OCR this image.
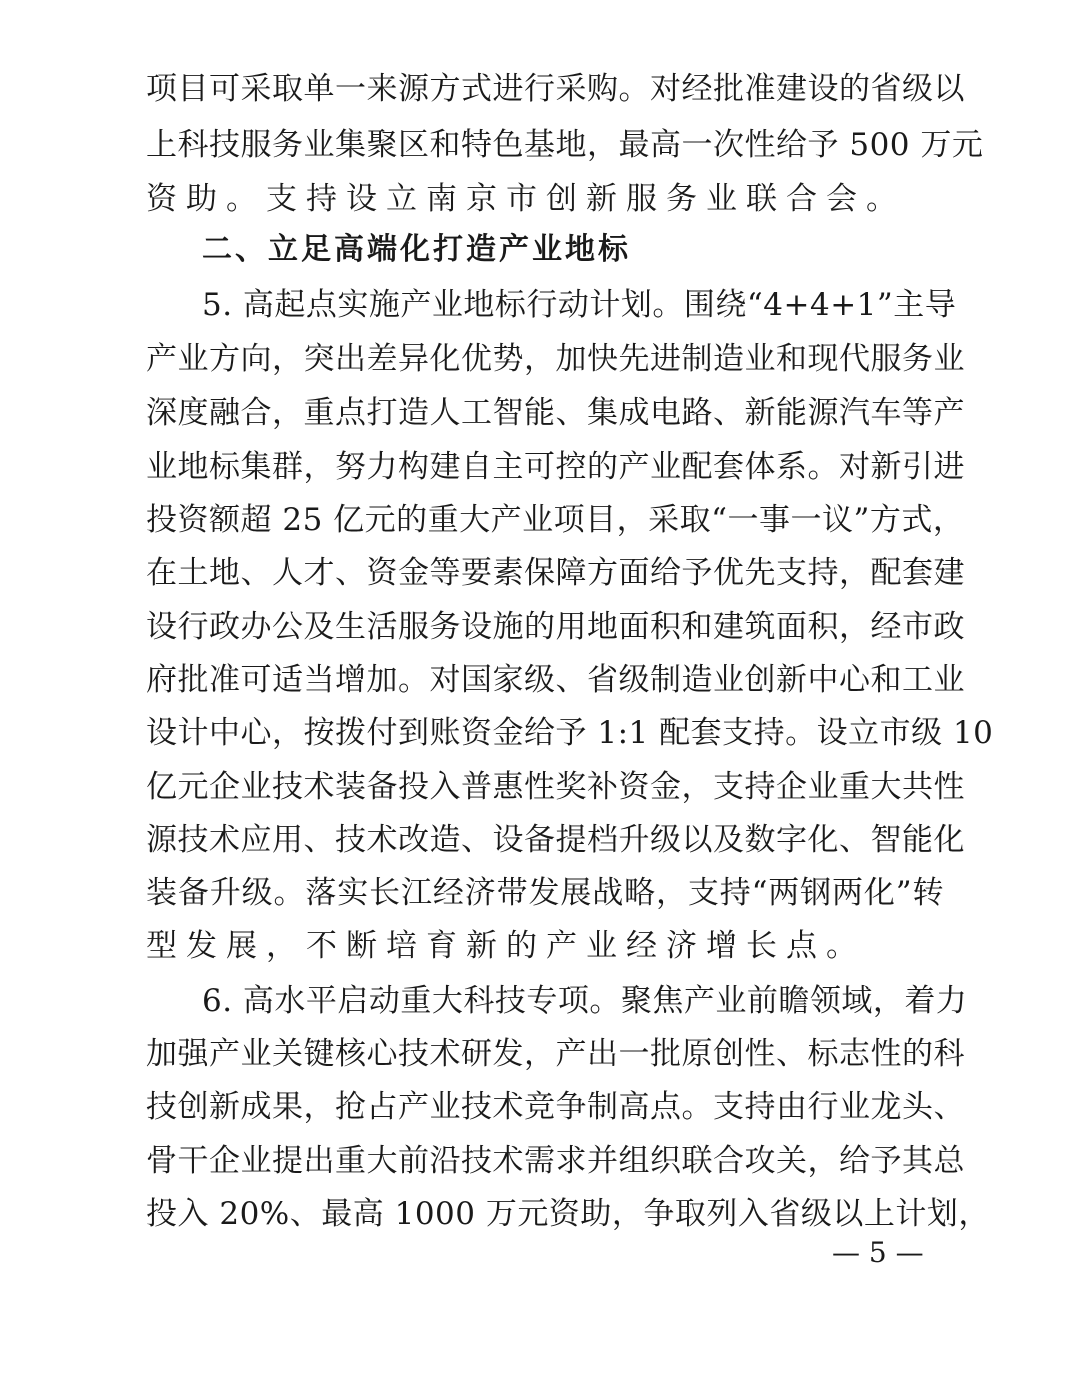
项目可采取单一来源方式进行采购。对经批准建设的省级以
上科技服务业集聚区和特色基地，最高一次性给予 500 万元
资助。支持设立南京市创新服务业联合会。
二、立足高端化打造产业地标
5. 高起点实施产业地标行动计划。围绕“4+4+1”主导
产业方向，突出差异化优势，加快先进制造业和现代服务业
深度融合，重点打造人工智能、集成电路、新能源汽车等产
业地标集群，努力构建自主可控的产业配套体系。对新引进
投资额超 25 亿元的重大产业项目，采取“一事一议”方式，
在土地、人才、资金等要素保障方面给予优先支持，配套建
设行政办公及生活服务设施的用地面积和建筑面积，经市政
府批准可适当增加。对国家级、省级制造业创新中心和工业
设计中心，按拨付到账资金给予 1:1 配套支持。设立市级 10
亿元企业技术装备投入普惠性奖补资金，支持企业重大共性
源技术应用、技术改造、设备提档升级以及数字化、智能化
装备升级。落实长江经济带发展战略，支持“两钢两化”转
型发展，不断培育新的产业经济增长点。
6. 高水平启动重大科技专项。聚焦产业前瞻领域，着力
加强产业关键核心技术研发，产出一批原创性、标志性的科
技创新成果，抢占产业技术竞争制高点。支持由行业龙头、
骨干企业提出重大前沿技术需求并组织联合攻关，给予其总
投入 20%、最高 1000 万元资助，争取列入省级以上计划，
— 5 —
